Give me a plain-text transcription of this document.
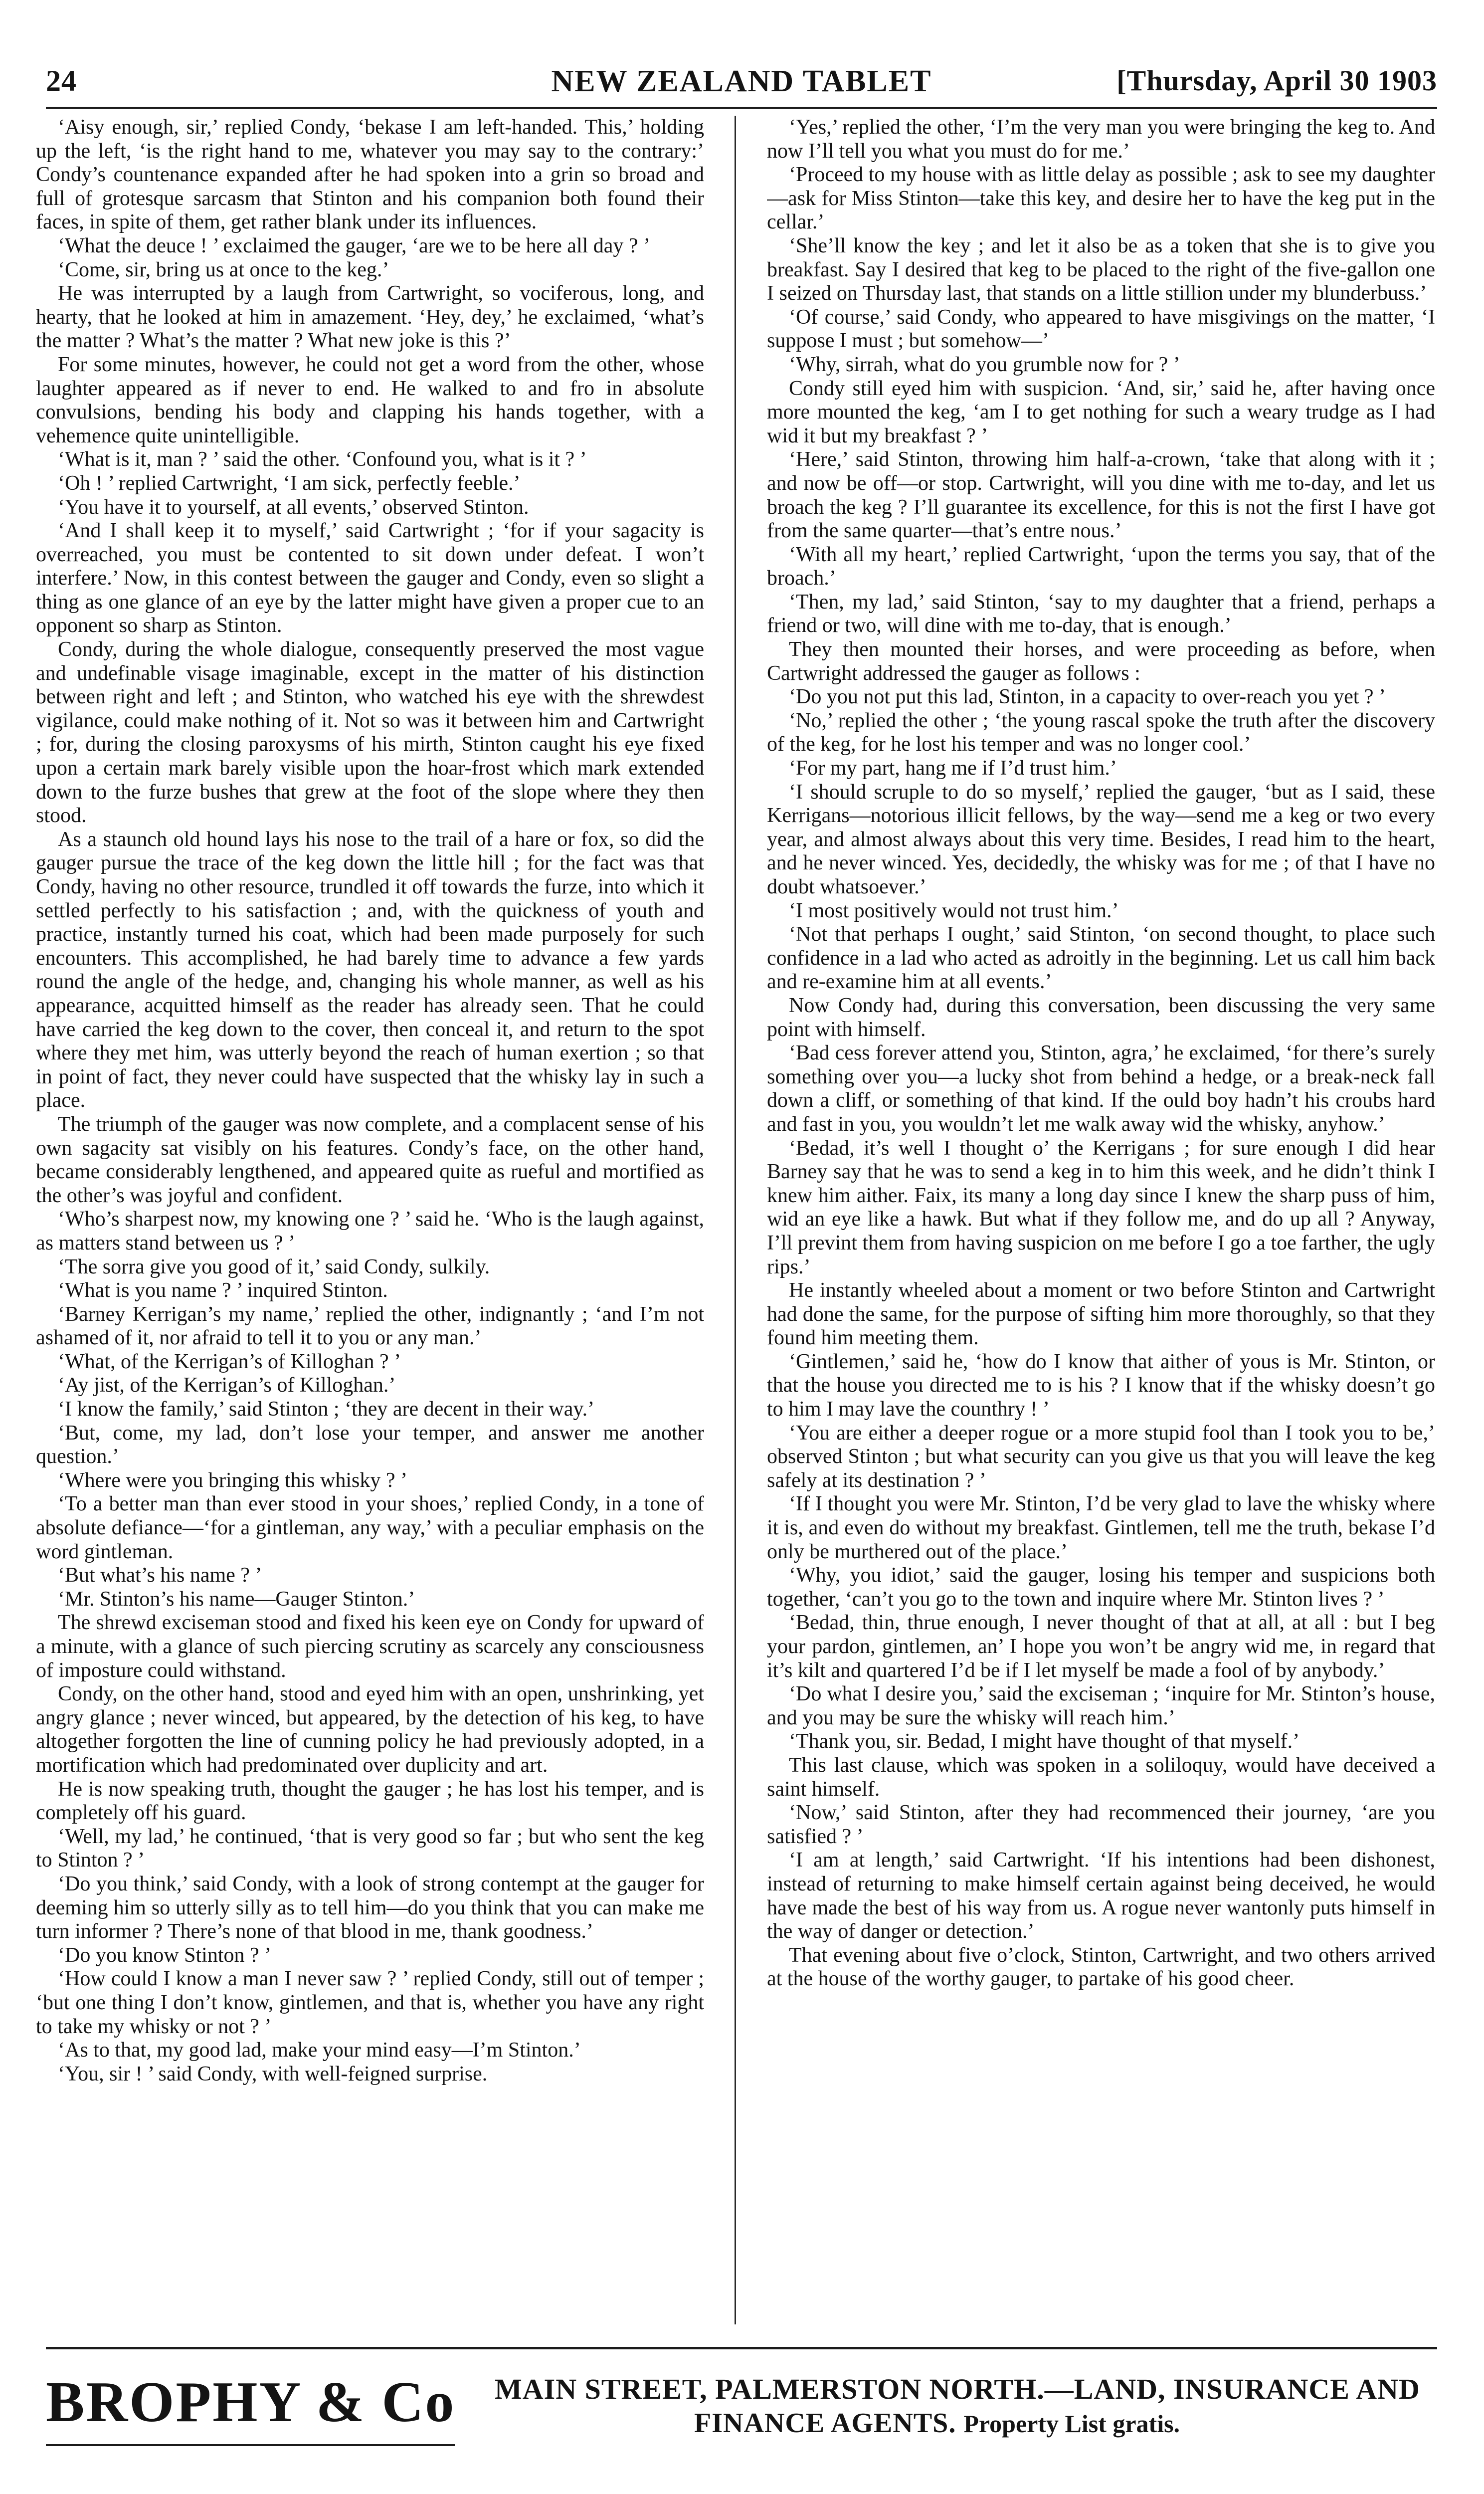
24	NEW ZEALAND TABLET	[Thursday, April 30 1903

‘Aisy enough, sir,’ replied Condy, ‘bekase I am left-handed. This,’ holding up the left, ‘is the right hand to me, whatever you may say to the contrary:’ Condy’s countenance expanded after he had spoken into a grin so broad and full of grotesque sarcasm that Stinton and his companion both found their faces, in spite of them, get rather blank under its influences.

‘What the deuce ! ’ exclaimed the gauger, ‘are we to be here all day ? ’

‘Come, sir, bring us at once to the keg.’

He was interrupted by a laugh from Cartwright, so vociferous, long, and hearty, that he looked at him in amazement. ‘Hey, dey,’ he exclaimed, ‘what’s the matter ? What’s the matter ? What new joke is this ?’

For some minutes, however, he could not get a word from the other, whose laughter appeared as if never to end. He walked to and fro in absolute convulsions, bending his body and clapping his hands together, with a vehemence quite unintelligible.

‘What is it, man ? ’ said the other. ‘Confound you, what is it ? ’

‘Oh ! ’ replied Cartwright, ‘I am sick, perfectly feeble.’

‘You have it to yourself, at all events,’ observed Stinton.

‘And I shall keep it to myself,’ said Cartwright ; ‘for if your sagacity is overreached, you must be contented to sit down under defeat. I won’t interfere.’ Now, in this contest between the gauger and Condy, even so slight a thing as one glance of an eye by the latter might have given a proper cue to an opponent so sharp as Stinton.

Condy, during the whole dialogue, consequently preserved the most vague and undefinable visage imaginable, except in the matter of his distinction between right and left ; and Stinton, who watched his eye with the shrewdest vigilance, could make nothing of it. Not so was it between him and Cartwright ; for, during the closing paroxysms of his mirth, Stinton caught his eye fixed upon a certain mark barely visible upon the hoar-frost which mark extended down to the furze bushes that grew at the foot of the slope where they then stood.

As a staunch old hound lays his nose to the trail of a hare or fox, so did the gauger pursue the trace of the keg down the little hill ; for the fact was that Condy, having no other resource, trundled it off towards the furze, into which it settled perfectly to his satisfaction ; and, with the quickness of youth and practice, instantly turned his coat, which had been made purposely for such encounters. This accomplished, he had barely time to advance a few yards round the angle of the hedge, and, changing his whole manner, as well as his appearance, acquitted himself as the reader has already seen. That he could have carried the keg down to the cover, then conceal it, and return to the spot where they met him, was utterly beyond the reach of human exertion ; so that in point of fact, they never could have suspected that the whisky lay in such a place.

The triumph of the gauger was now complete, and a complacent sense of his own sagacity sat visibly on his features. Condy’s face, on the other hand, became considerably lengthened, and appeared quite as rueful and mortified as the other’s was joyful and confident.

‘Who’s sharpest now, my knowing one ? ’ said he. ‘Who is the laugh against, as matters stand between us ? ’

‘The sorra give you good of it,’ said Condy, sulkily.

‘What is you name ? ’ inquired Stinton.

‘Barney Kerrigan’s my name,’ replied the other, indignantly ; ‘and I’m not ashamed of it, nor afraid to tell it to you or any man.’

‘What, of the Kerrigan’s of Killoghan ? ’

‘Ay jist, of the Kerrigan’s of Killoghan.’

‘I know the family,’ said Stinton ; ‘they are decent in their way.’

‘But, come, my lad, don’t lose your temper, and answer me another question.’

‘Where were you bringing this whisky ? ’

‘To a better man than ever stood in your shoes,’ replied Condy, in a tone of absolute defiance—‘for a gintleman, any way,’ with a peculiar emphasis on the word gintleman.

‘But what’s his name ? ’

‘Mr. Stinton’s his name—Gauger Stinton.’

The shrewd exciseman stood and fixed his keen eye on Condy for upward of a minute, with a glance of such piercing scrutiny as scarcely any consciousness of imposture could withstand.

Condy, on the other hand, stood and eyed him with an open, unshrinking, yet angry glance ; never winced, but appeared, by the detection of his keg, to have altogether forgotten the line of cunning policy he had previously adopted, in a mortification which had predominated over duplicity and art.

He is now speaking truth, thought the gauger ; he has lost his temper, and is completely off his guard.

‘Well, my lad,’ he continued, ‘that is very good so far ; but who sent the keg to Stinton ? ’

‘Do you think,’ said Condy, with a look of strong contempt at the gauger for deeming him so utterly silly as to tell him—do you think that you can make me turn informer ? There’s none of that blood in me, thank goodness.’

‘Do you know Stinton ? ’

‘How could I know a man I never saw ? ’ replied Condy, still out of temper ; ‘but one thing I don’t know, gintlemen, and that is, whether you have any right to take my whisky or not ? ’

‘As to that, my good lad, make your mind easy—I’m Stinton.’

‘You, sir ! ’ said Condy, with well-feigned surprise.

‘Yes,’ replied the other, ‘I’m the very man you were bringing the keg to. And now I’ll tell you what you must do for me.’

‘Proceed to my house with as little delay as possible ; ask to see my daughter—ask for Miss Stinton—take this key, and desire her to have the keg put in the cellar.’

‘She’ll know the key ; and let it also be as a token that she is to give you breakfast. Say I desired that keg to be placed to the right of the five-gallon one I seized on Thursday last, that stands on a little stillion under my blunderbuss.’

‘Of course,’ said Condy, who appeared to have misgivings on the matter, ‘I suppose I must ; but somehow—’

‘Why, sirrah, what do you grumble now for ? ’

Condy still eyed him with suspicion. ‘And, sir,’ said he, after having once more mounted the keg, ‘am I to get nothing for such a weary trudge as I had wid it but my breakfast ? ’

‘Here,’ said Stinton, throwing him half-a-crown, ‘take that along with it ; and now be off—or stop. Cartwright, will you dine with me to-day, and let us broach the keg ? I’ll guarantee its excellence, for this is not the first I have got from the same quarter—that’s entre nous.’

‘With all my heart,’ replied Cartwright, ‘upon the terms you say, that of the broach.’

‘Then, my lad,’ said Stinton, ‘say to my daughter that a friend, perhaps a friend or two, will dine with me to-day, that is enough.’

They then mounted their horses, and were proceeding as before, when Cartwright addressed the gauger as follows :

‘Do you not put this lad, Stinton, in a capacity to over-reach you yet ? ’

‘No,’ replied the other ; ‘the young rascal spoke the truth after the discovery of the keg, for he lost his temper and was no longer cool.’

‘For my part, hang me if I’d trust him.’

‘I should scruple to do so myself,’ replied the gauger, ‘but as I said, these Kerrigans—notorious illicit fellows, by the way—send me a keg or two every year, and almost always about this very time. Besides, I read him to the heart, and he never winced. Yes, decidedly, the whisky was for me ; of that I have no doubt whatsoever.’

‘I most positively would not trust him.’

‘Not that perhaps I ought,’ said Stinton, ‘on second thought, to place such confidence in a lad who acted as adroitly in the beginning. Let us call him back and re-examine him at all events.’

Now Condy had, during this conversation, been discussing the very same point with himself.

‘Bad cess forever attend you, Stinton, agra,’ he exclaimed, ‘for there’s surely something over you—a lucky shot from behind a hedge, or a break-neck fall down a cliff, or something of that kind. If the ould boy hadn’t his croubs hard and fast in you, you wouldn’t let me walk away wid the whisky, anyhow.’

‘Bedad, it’s well I thought o’ the Kerrigans ; for sure enough I did hear Barney say that he was to send a keg in to him this week, and he didn’t think I knew him aither. Faix, its many a long day since I knew the sharp puss of him, wid an eye like a hawk. But what if they follow me, and do up all ? Anyway, I’ll prevint them from having suspicion on me before I go a toe farther, the ugly rips.’

He instantly wheeled about a moment or two before Stinton and Cartwright had done the same, for the purpose of sifting him more thoroughly, so that they found him meeting them.

‘Gintlemen,’ said he, ‘how do I know that aither of yous is Mr. Stinton, or that the house you directed me to is his ? I know that if the whisky doesn’t go to him I may lave the counthry ! ’

‘You are either a deeper rogue or a more stupid fool than I took you to be,’ observed Stinton ; but what security can you give us that you will leave the keg safely at its destination ? ’

‘If I thought you were Mr. Stinton, I’d be very glad to lave the whisky where it is, and even do without my breakfast. Gintlemen, tell me the truth, bekase I’d only be murthered out of the place.’

‘Why, you idiot,’ said the gauger, losing his temper and suspicions both together, ‘can’t you go to the town and inquire where Mr. Stinton lives ? ’

‘Bedad, thin, thrue enough, I never thought of that at all, at all : but I beg your pardon, gintlemen, an’ I hope you won’t be angry wid me, in regard that it’s kilt and quartered I’d be if I let myself be made a fool of by anybody.’

‘Do what I desire you,’ said the exciseman ; ‘inquire for Mr. Stinton’s house, and you may be sure the whisky will reach him.’

‘Thank you, sir. Bedad, I might have thought of that myself.’

This last clause, which was spoken in a soliloquy, would have deceived a saint himself.

‘Now,’ said Stinton, after they had recommenced their journey, ‘are you satisfied ? ’

‘I am at length,’ said Cartwright. ‘If his intentions had been dishonest, instead of returning to make himself certain against being deceived, he would have made the best of his way from us. A rogue never wantonly puts himself in the way of danger or detection.’

That evening about five o’clock, Stinton, Cartwright, and two others arrived at the house of the worthy gauger, to partake of his good cheer.

BROPHY & Co MAIN STREET, PALMERSTON NORTH.—LAND, INSURANCE AND
FINANCE AGENTS. Property List gratis.
